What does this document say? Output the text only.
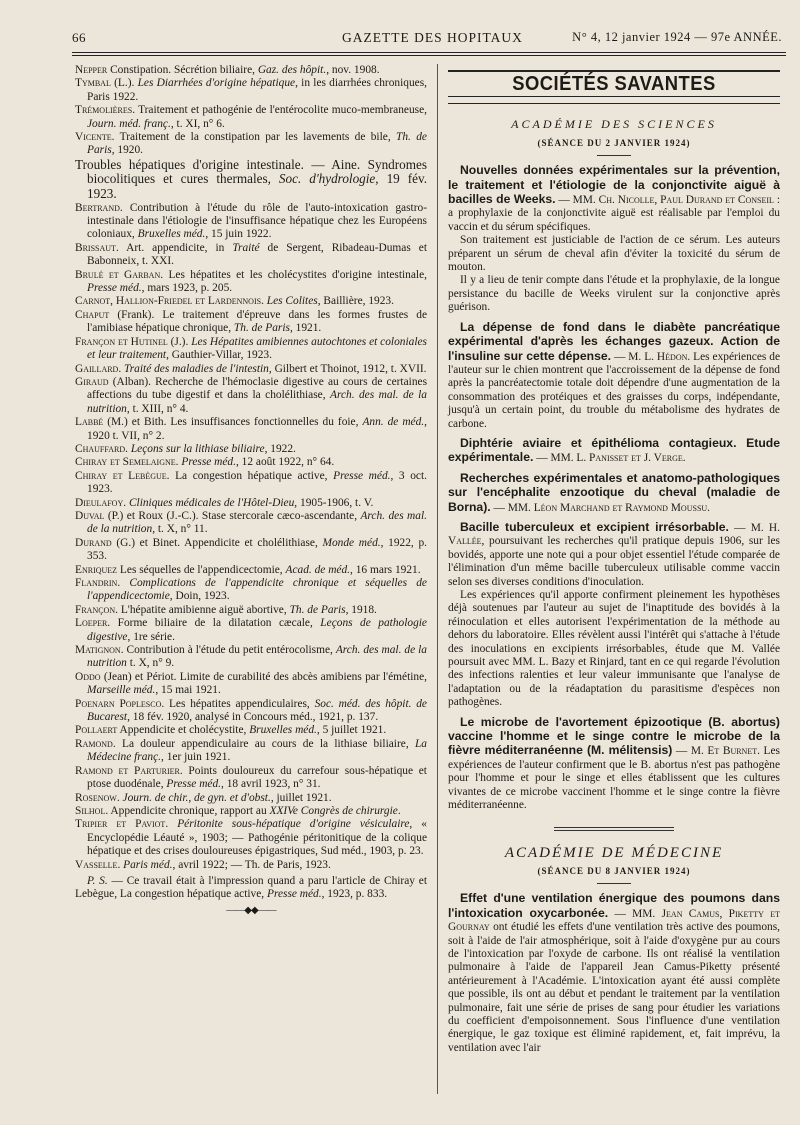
66	GAZETTE DES HOPITAUX	N° 4, 12 janvier 1924 — 97e ANNÉE.

Nepper Constipation. Sécrétion biliaire, Gaz. des hôpit., nov. 1908.

Tymbal (L.). Les Diarrhées d'origine hépatique, in les diarrhées chroniques, Paris 1922.

Trémolières. Traitement et pathogénie de l'entérocolite muco-membraneuse, Journ. méd. franç., t. XI, n° 6.

Vicente. Traitement de la constipation par les lavements de bile, Th. de Paris, 1920.

Troubles hépatiques d'origine intestinale. — Aine. Syndromes biocolitiques et cures thermales, Soc. d'hydrologie, 19 fév. 1923.

Bertrand. Contribution à l'étude du rôle de l'auto-intoxication gastro-intestinale dans l'étiologie de l'insuffisance hépatique chez les Européens coloniaux, Bruxelles méd., 15 juin 1922.

Brissaut. Art. appendicite, in Traité de Sergent, Ribadeau-Dumas et Babonneix, t. XXI.

Brulé et Garban. Les hépatites et les cholécystites d'origine intestinale, Presse méd., mars 1923, p. 205.

Carnot, Hallion-Friedel et Lardennois. Les Colites, Baillière, 1923.

Chaput (Frank). Le traitement d'épreuve dans les formes frustes de l'amibiase hépatique chronique, Th. de Paris, 1921.

Françon et Hutinel (J.). Les Hépatites amibiennes autochtones et coloniales et leur traitement, Gauthier-Villar, 1923.

Gaillard. Traité des maladies de l'intestin, Gilbert et Thoinot, 1912, t. XVII.

Giraud (Alban). Recherche de l'hémoclasie digestive au cours de certaines affections du tube digestif et dans la cholélithiase, Arch. des mal. de la nutrition, t. XIII, n° 4.

Labbé (M.) et Bith. Les insuffisances fonctionnelles du foie, Ann. de méd., 1920 t. VII, n° 2.

Chauffard. Leçons sur la lithiase biliaire, 1922.

Chiray et Semelaigne. Presse méd., 12 août 1922, n° 64.

Chiray et Lebègue. La congestion hépatique active, Presse méd., 3 oct. 1923.

Dieulafoy. Cliniques médicales de l'Hôtel-Dieu, 1905-1906, t. V.

Duval (P.) et Roux (J.-C.). Stase stercorale cæco-ascendante, Arch. des mal. de la nutrition, t. X, n° 11.

Durand (G.) et Binet. Appendicite et cholélithiase, Monde méd., 1922, p. 353.

Enriquez Les séquelles de l'appendicectomie, Acad. de méd., 16 mars 1921.

Flandrin. Complications de l'appendicite chronique et séquelles de l'appendicectomie, Doin, 1923.

Françon. L'hépatite amibienne aiguë abortive, Th. de Paris, 1918.

Loeper. Forme biliaire de la dilatation cæcale, Leçons de pathologie digestive, 1re série.

Matignon. Contribution à l'étude du petit entérocolisme, Arch. des mal. de la nutrition t. X, n° 9.

Oddo (Jean) et Périot. Limite de curabilité des abcès amibiens par l'émétine, Marseille méd., 15 mai 1921.

Poenarn Poplesco. Les hépatites appendiculaires, Soc. méd. des hôpit. de Bucarest, 18 fév. 1920, analysé in Concours méd., 1921, p. 137.

Pollaert Appendicite et cholécystite, Bruxelles méd., 5 juillet 1921.

Ramond. La douleur appendiculaire au cours de la lithiase biliaire, La Médecine franç., 1er juin 1921.

Ramond et Parturier. Points douloureux du carrefour sous-hépatique et ptose duodénale, Presse méd., 18 avril 1923, n° 31.

Rosenow. Journ. de chir., de gyn. et d'obst., juillet 1921.

Silhol. Appendicite chronique, rapport au XXIVe Congrès de chirurgie.

Tripier et Paviot. Péritonite sous-hépatique d'origine vésiculaire, « Encyclopédie Léauté », 1903; — Pathogénie péritonitique de la colique hépatique et des crises douloureuses épigastriques, Sud méd., 1903, p. 23.

Vasselle. Paris méd., avril 1922; — Th. de Paris, 1923.

P. S. — Ce travail était à l'impression quand a paru l'article de Chiray et Lebègue, La congestion hépatique active, Presse méd., 1923, p. 833.

——◆◆——
SOCIÉTÉS SAVANTES
ACADÉMIE DES SCIENCES
(SÉANCE DU 2 JANVIER 1924)

Nouvelles données expérimentales sur la prévention, le traitement et l'étiologie de la conjonctivite aiguë à bacilles de Weeks. — MM. Ch. Nicolle, Paul Durand et Conseil : a prophylaxie de la conjonctivite aiguë est réalisable par l'emploi du vaccin et du sérum spécifiques.

Son traitement est justiciable de l'action de ce sérum. Les auteurs préparent un sérum de cheval afin d'éviter la toxicité du sérum de mouton.

Il y a lieu de tenir compte dans l'étude et la prophylaxie, de la longue persistance du bacille de Weeks virulent sur la conjonctive après guérison.

La dépense de fond dans le diabète pancréatique expérimental d'après les échanges gazeux. Action de l'insuline sur cette dépense. — M. L. Hédon. Les expériences de l'auteur sur le chien montrent que l'accroissement de la dépense de fond après la pancréatectomie totale doit dépendre d'une augmentation de la consommation des protéiques et des graisses du corps, indépendante, jusqu'à un certain point, du trouble du métabolisme des hydrates de carbone.

Diphtérie aviaire et épithélioma contagieux. Etude expérimentale. — MM. L. Panisset et J. Verge.

Recherches expérimentales et anatomo-pathologiques sur l'encéphalite enzootique du cheval (maladie de Borna). — MM. Léon Marchand et Raymond Moussu.

Bacille tuberculeux et excipient irrésorbable. — M. H. Vallée, poursuivant les recherches qu'il pratique depuis 1906, sur les bovidés, apporte une note qui a pour objet essentiel l'étude comparée de l'élimination d'un même bacille tuberculeux utilisable comme vaccin selon ses diverses conditions d'inoculation.

Les expériences qu'il apporte confirment pleinement les hypothèses déjà soutenues par l'auteur au sujet de l'inaptitude des bovidés à la réinoculation et elles autorisent l'expérimentation de la méthode au dehors du laboratoire. Elles révèlent aussi l'intérêt qui s'attache à l'étude des inoculations en excipients irrésorbables, étude que M. Vallée poursuit avec MM. L. Bazy et Rinjard, tant en ce qui regarde l'évolution des infections ralenties et leur valeur immunisante que l'analyse de l'adaptation ou de la réadaptation du parasitisme d'espèces non pathogènes.

Le microbe de l'avortement épizootique (B. abortus) vaccine l'homme et le singe contre le microbe de la fièvre méditerranéenne (M. mélitensis) — M. Et Burnet. Les expériences de l'auteur confirment que le B. abortus n'est pas pathogène pour l'homme et pour le singe et elles établissent que les cultures vivantes de ce microbe vaccinent l'homme et le singe contre la fièvre méditerranéenne.

ACADÉMIE DE MÉDECINE
(SÉANCE DU 8 JANVIER 1924)

Effet d'une ventilation énergique des poumons dans l'intoxication oxycarbonée. — MM. Jean Camus, Piketty et Gournay ont étudié les effets d'une ventilation très active des poumons, soit à l'aide de l'air atmosphérique, soit à l'aide d'oxygène pur au cours de l'intoxication par l'oxyde de carbone. Ils ont réalisé la ventilation pulmonaire à l'aide de l'appareil Jean Camus-Piketty présenté antérieurement à l'Académie. L'intoxication ayant été aussi complète que possible, ils ont au début et pendant le traitement par la ventilation pulmonaire, fait une série de prises de sang pour étudier les variations du coefficient d'empoisonnement. Sous l'influence d'une ventilation énergique, le gaz toxique est éliminé rapidement, et, fait imprévu, la ventilation avec l'air
